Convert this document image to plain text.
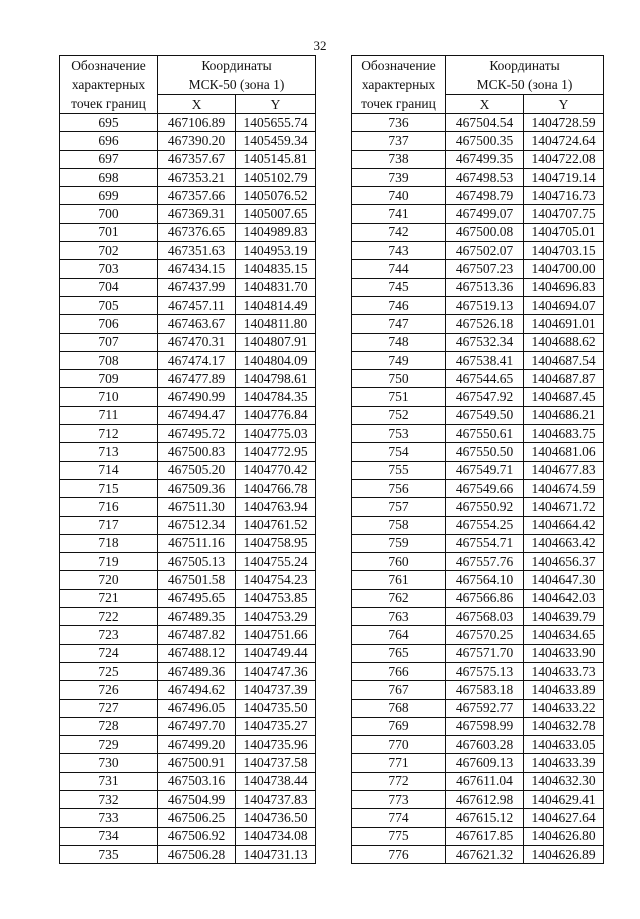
32
Обозначение
характерных
точек границ	Координаты
МСК-50 (зона 1)	

	X	Y
695	467106.89	1405655.74
696	467390.20	1405459.34
697	467357.67	1405145.81
698	467353.21	1405102.79
699	467357.66	1405076.52
700	467369.31	1405007.65
701	467376.65	1404989.83
702	467351.63	1404953.19
703	467434.15	1404835.15
704	467437.99	1404831.70
705	467457.11	1404814.49
706	467463.67	1404811.80
707	467470.31	1404807.91
708	467474.17	1404804.09
709	467477.89	1404798.61
710	467490.99	1404784.35
711	467494.47	1404776.84
712	467495.72	1404775.03
713	467500.83	1404772.95
714	467505.20	1404770.42
715	467509.36	1404766.78
716	467511.30	1404763.94
717	467512.34	1404761.52
718	467511.16	1404758.95
719	467505.13	1404755.24
720	467501.58	1404754.23
721	467495.65	1404753.85
722	467489.35	1404753.29
723	467487.82	1404751.66
724	467488.12	1404749.44
725	467489.36	1404747.36
726	467494.62	1404737.39
727	467496.05	1404735.50
728	467497.70	1404735.27
729	467499.20	1404735.96
730	467500.91	1404737.58
731	467503.16	1404738.44
732	467504.99	1404737.83
733	467506.25	1404736.50
734	467506.92	1404734.08
735	467506.28	1404731.13
Обозначение
характерных
точек границ	Координаты
МСК-50 (зона 1)	

	X	Y
736	467504.54	1404728.59
737	467500.35	1404724.64
738	467499.35	1404722.08
739	467498.53	1404719.14
740	467498.79	1404716.73
741	467499.07	1404707.75
742	467500.08	1404705.01
743	467502.07	1404703.15
744	467507.23	1404700.00
745	467513.36	1404696.83
746	467519.13	1404694.07
747	467526.18	1404691.01
748	467532.34	1404688.62
749	467538.41	1404687.54
750	467544.65	1404687.87
751	467547.92	1404687.45
752	467549.50	1404686.21
753	467550.61	1404683.75
754	467550.50	1404681.06
755	467549.71	1404677.83
756	467549.66	1404674.59
757	467550.92	1404671.72
758	467554.25	1404664.42
759	467554.71	1404663.42
760	467557.76	1404656.37
761	467564.10	1404647.30
762	467566.86	1404642.03
763	467568.03	1404639.79
764	467570.25	1404634.65
765	467571.70	1404633.90
766	467575.13	1404633.73
767	467583.18	1404633.89
768	467592.77	1404633.22
769	467598.99	1404632.78
770	467603.28	1404633.05
771	467609.13	1404633.39
772	467611.04	1404632.30
773	467612.98	1404629.41
774	467615.12	1404627.64
775	467617.85	1404626.80
776	467621.32	1404626.89
